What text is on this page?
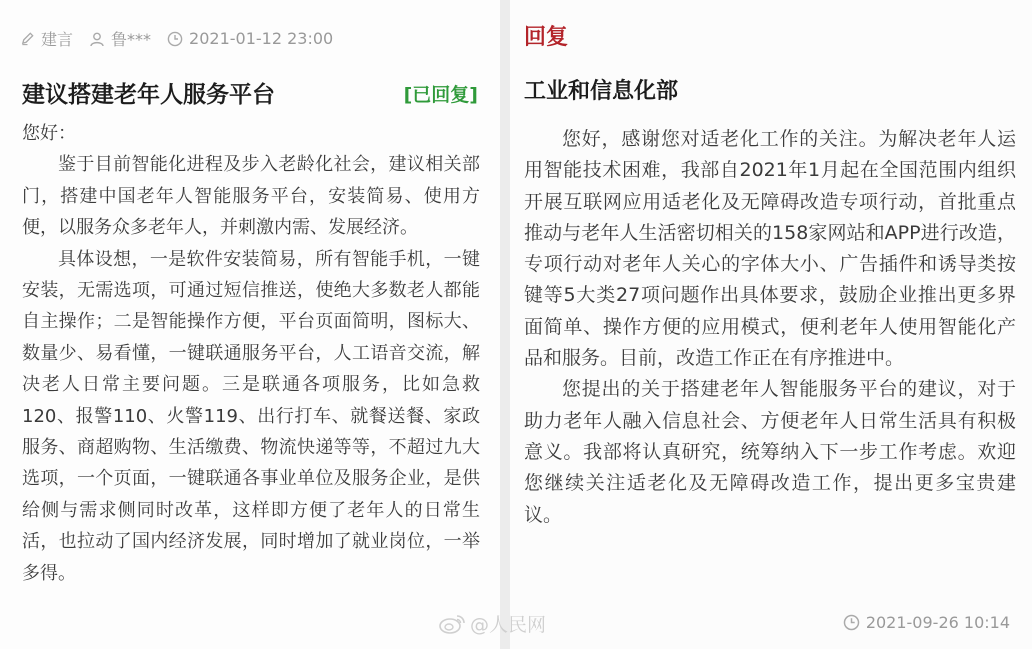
建言 鲁*** 2021-01-12 23:00
建议搭建老年人服务平台	[已回复]

您好：

鉴于目前智能化进程及步入老龄化社会，建议相关部门，搭建中国老年人智能服务平台，安装简易、使用方便，以服务众多老年人，并刺激内需、发展经济。

具体设想，一是软件安装简易，所有智能手机，一键安装，无需选项，可通过短信推送，使绝大多数老人都能自主操作；二是智能操作方便，平台页面简明，图标大、数量少、易看懂，一键联通服务平台，人工语音交流，解决老人日常主要问题。三是联通各项服务，比如急救120、报警110、火警119、出行打车、就餐送餐、家政服务、商超购物、生活缴费、物流快递等等，不超过九大选项，一个页面，一键联通各事业单位及服务企业，是供给侧与需求侧同时改革，这样即方便了老年人的日常生活，也拉动了国内经济发展，同时增加了就业岗位，一举多得。

回复
工业和信息化部

您好，感谢您对适老化工作的关注。为解决老年人运用智能技术困难，我部自2021年1月起在全国范围内组织开展互联网应用适老化及无障碍改造专项行动，首批重点推动与老年人生活密切相关的158家网站和APP进行改造，专项行动对老年人关心的字体大小、广告插件和诱导类按键等5大类27项问题作出具体要求，鼓励企业推出更多界面简单、操作方便的应用模式，便利老年人使用智能化产品和服务。目前，改造工作正在有序推进中。

您提出的关于搭建老年人智能服务平台的建议，对于助力老年人融入信息社会、方便老年人日常生活具有积极意义。我部将认真研究，统筹纳入下一步工作考虑。欢迎您继续关注适老化及无障碍改造工作，提出更多宝贵建议。

2021-09-26 10:14
@人民网
